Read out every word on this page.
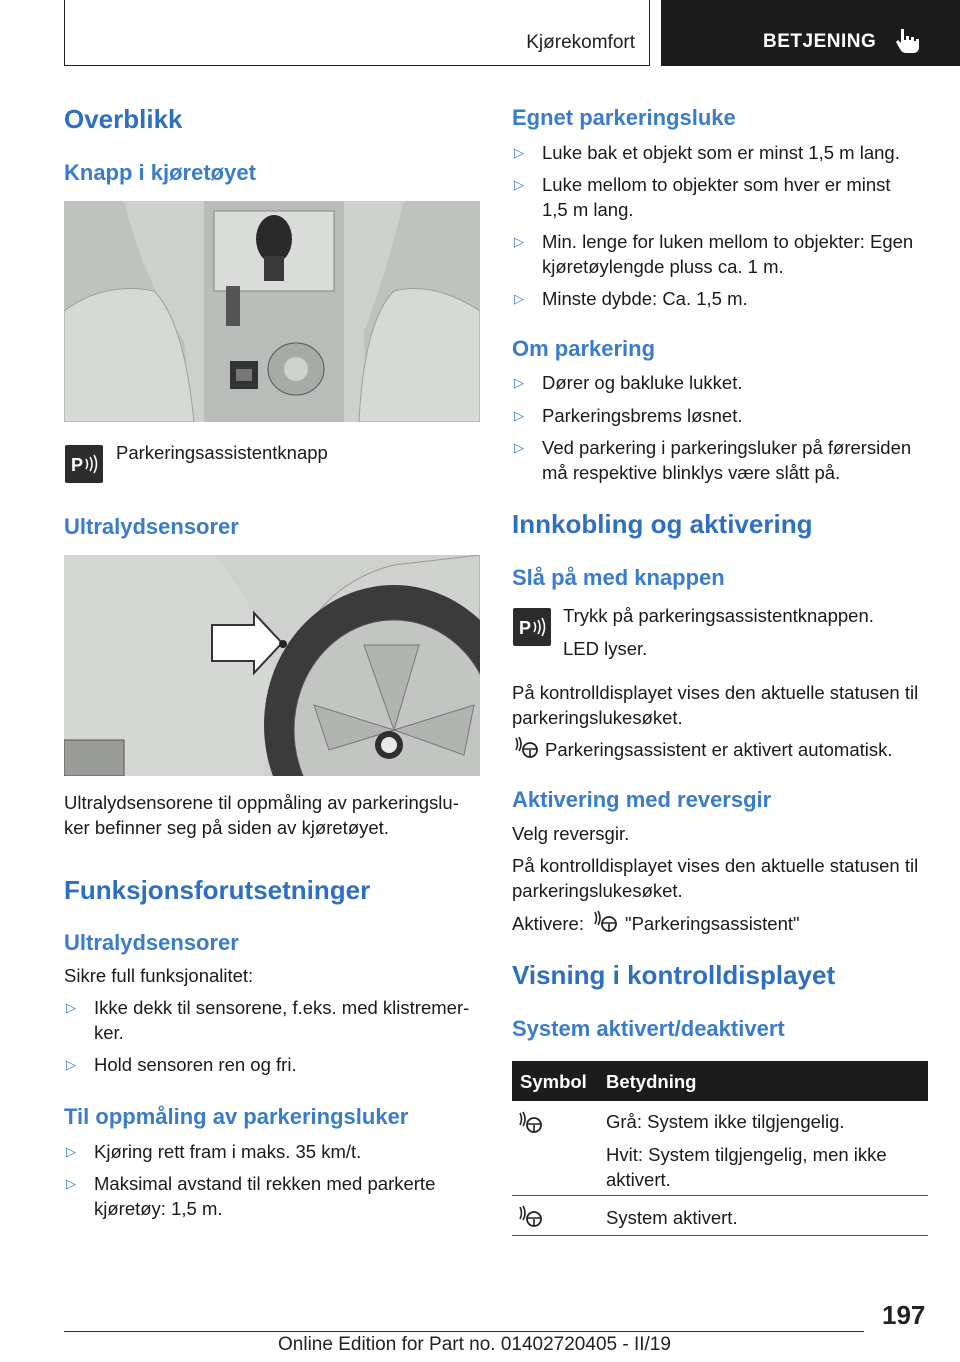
Kjørekomfort	BETJENING
Overblikk
Knapp i kjøretøyet
P
Parkeringsassistentknapp
Ultralydsensorer
Ultralydsensorene til oppmåling av parkeringslu-ker befinner seg på siden av kjøretøyet.
Funksjonsforutsetninger
Ultralydsensorer
Sikre full funksjonalitet:
▷ Ikke dekk til sensorene, f.eks. med klistremer-ker.
▷ Hold sensoren ren og fri.
Til oppmåling av parkeringsluker
▷ Kjøring rett fram i maks. 35 km/t.
▷ Maksimal avstand til rekken med parkerte kjøretøy: 1,5 m.
Egnet parkeringsluke
▷ Luke bak et objekt som er minst 1,5 m lang.
▷ Luke mellom to objekter som hver er minst 1,5 m lang.
▷ Min. lenge for luken mellom to objekter: Egen kjøretøylengde pluss ca. 1 m.
▷ Minste dybde: Ca. 1,5 m.
Om parkering
▷ Dører og bakluke lukket.
▷ Parkeringsbrems løsnet.
▷ Ved parkering i parkeringsluker på førersiden må respektive blinklys være slått på.
Innkobling og aktivering
Slå på med knappen
P
Trykk på parkeringsassistentknappen.
LED lyser.
På kontrolldisplayet vises den aktuelle statusen til parkeringslukesøket.
Parkeringsassistent er aktivert automatisk.
Aktivering med reversgir
Velg reversgir.
På kontrolldisplayet vises den aktuelle statusen til parkeringslukesøket.
Aktivere: "Parkeringsassistent"
Visning i kontrolldisplayet
System aktivert/deaktivert
Symbol Betydning
Grå: System ikke tilgjengelig.
Hvit: System tilgjengelig, men ikke aktivert.
System aktivert.
197
Online Edition for Part no. 01402720405 - II/19
